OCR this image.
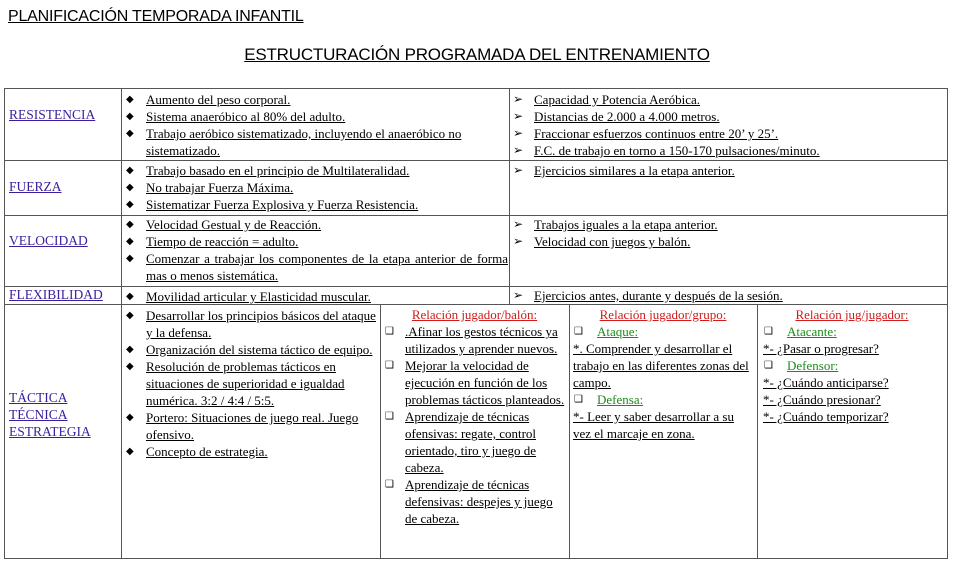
PLANIFICACIÓN TEMPORADA INFANTIL
ESTRUCTURACIÓN PROGRAMADA DEL ENTRENAMIENTO
RESISTENCIA
◆ Aumento del peso corporal.
◆ Sistema anaeróbico al 80% del adulto.
◆ Trabajo aeróbico sistematizado, incluyendo el anaeróbico no sistematizado.
➢ Capacidad y Potencia Aeróbica.
➢ Distancias de 2.000 a 4.000 metros.
➢ Fraccionar esfuerzos continuos entre 20’ y 25’.
➢ F.C. de trabajo en torno a 150-170 pulsaciones/minuto.
FUERZA
◆ Trabajo basado en el principio de Multilateralidad.
◆ No trabajar Fuerza Máxima.
◆ Sistematizar Fuerza Explosiva y Fuerza Resistencia.
➢ Ejercicios similares a la etapa anterior.
VELOCIDAD
◆ Velocidad Gestual y de Reacción.
◆ Tiempo de reacción = adulto.
◆ Comenzar a trabajar los componentes de la etapa anterior de forma mas o menos sistemática.
➢ Trabajos iguales a la etapa anterior.
➢ Velocidad con juegos y balón.
FLEXIBILIDAD ◆ Movilidad articular y Elasticidad muscular.	➢ Ejercicios antes, durante y después de la sesión.
TÁCTICA
TÉCNICA
ESTRATEGIA
◆ Desarrollar los principios básicos del ataque y la defensa.
◆ Organización del sistema táctico de equipo.
◆ Resolución de problemas tácticos en situaciones de superioridad e igualdad numérica. 3:2 / 4:4 / 5:5.
◆ Portero: Situaciones de juego real. Juego ofensivo.
◆ Concepto de estrategia.
Relación jugador/balón:
❑ .Afinar los gestos técnicos ya utilizados y aprender nuevos.
❑ Mejorar la velocidad de ejecución en función de los problemas tácticos planteados.
❑ Aprendizaje de técnicas ofensivas: regate, control orientado, tiro y juego de cabeza.
❑ Aprendizaje de técnicas defensivas: despejes y juego de cabeza.
Relación jugador/grupo:
❑ Ataque:
*. Comprender y desarrollar el trabajo en las diferentes zonas del campo.
❑ Defensa:
*- Leer y saber desarrollar a su vez el marcaje en zona.
Relación jug/jugador:
❑ Atacante:
*- ¿Pasar o progresar?
❑ Defensor:
*- ¿Cuándo anticiparse?
*- ¿Cuándo presionar?
*- ¿Cuándo temporizar?
